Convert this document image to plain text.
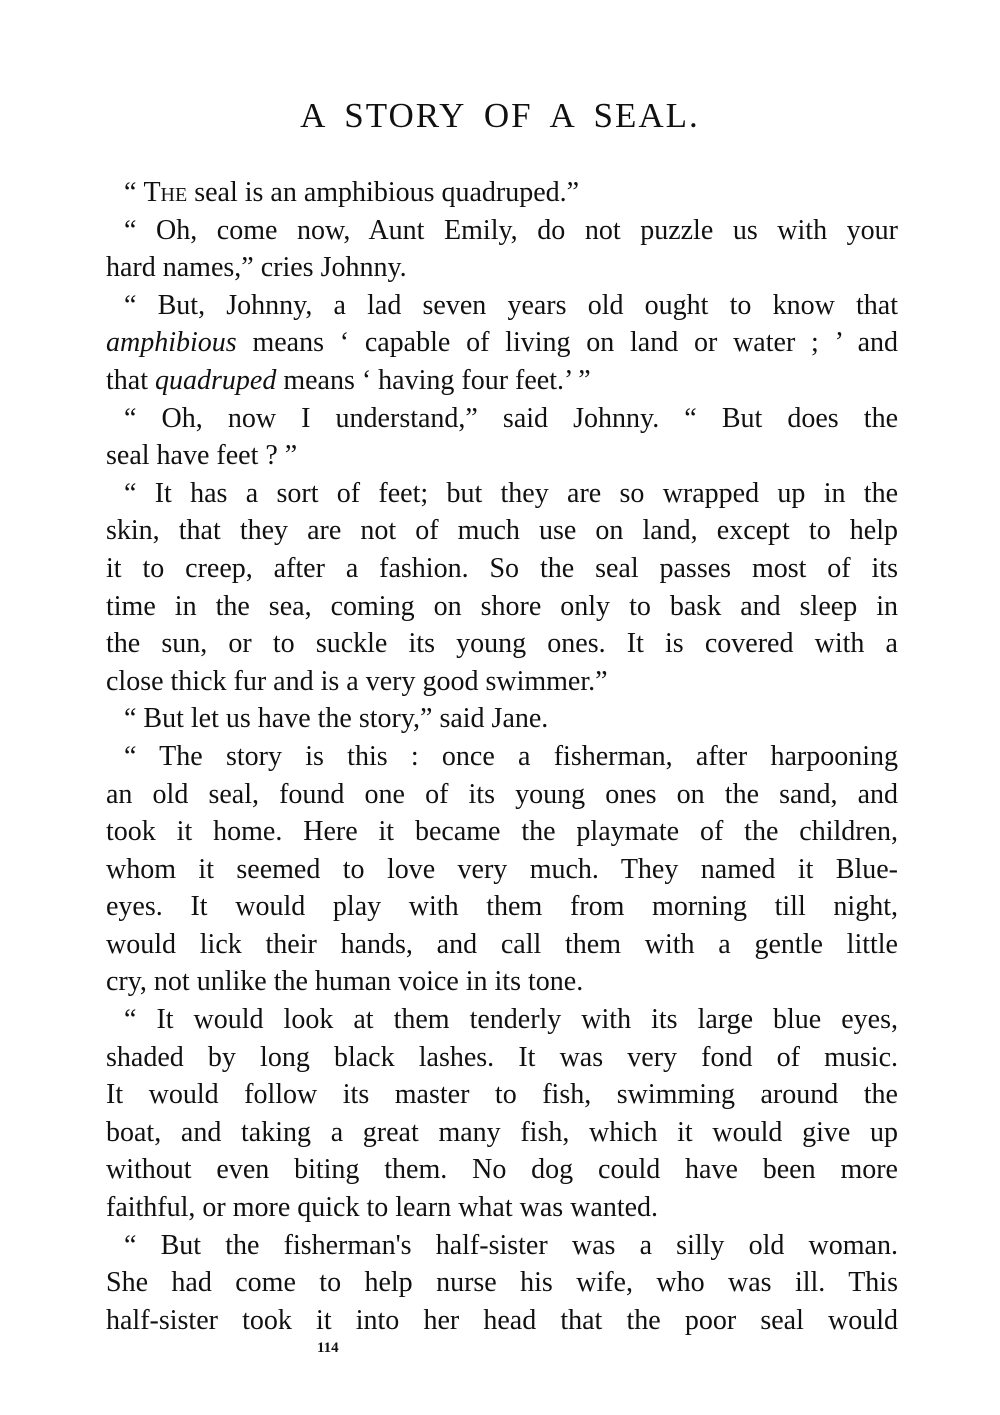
A STORY OF A SEAL.
“ The seal is an amphibious quadruped.”
“ Oh, come now, Aunt Emily, do not puzzle us with your
hard names,” cries Johnny.
“ But, Johnny, a lad seven years old ought to know that
amphibious means ‘ capable of living on land or water ; ’ and
that quadruped means ‘ having four feet.’ ”
“ Oh, now I understand,” said Johnny. “ But does the
seal have feet ? ”
“ It has a sort of feet; but they are so wrapped up in the
skin, that they are not of much use on land, except to help
it to creep, after a fashion. So the seal passes most of its
time in the sea, coming on shore only to bask and sleep in
the sun, or to suckle its young ones. It is covered with a
close thick fur and is a very good swimmer.”
“ But let us have the story,” said Jane.
“ The story is this : once a fisherman, after harpooning
an old seal, found one of its young ones on the sand, and
took it home. Here it became the playmate of the children,
whom it seemed to love very much. They named it Blue-
eyes. It would play with them from morning till night,
would lick their hands, and call them with a gentle little
cry, not unlike the human voice in its tone.
“ It would look at them tenderly with its large blue eyes,
shaded by long black lashes. It was very fond of music.
It would follow its master to fish, swimming around the
boat, and taking a great many fish, which it would give up
without even biting them. No dog could have been more
faithful, or more quick to learn what was wanted.
“ But the fisherman's half-sister was a silly old woman.
She had come to help nurse his wife, who was ill. This
half-sister took it into her head that the poor seal would
114
